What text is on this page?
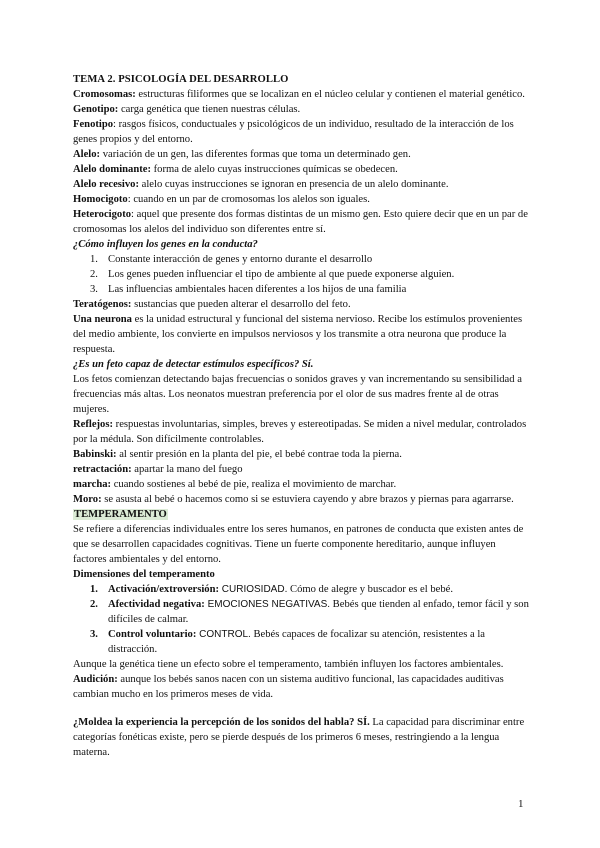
TEMA 2. PSICOLOGÍA DEL DESARROLLO

Cromosomas: estructuras filiformes que se localizan en el núcleo celular y contienen el material genético.

Genotipo: carga genética que tienen nuestras células.

Fenotipo: rasgos físicos, conductuales y psicológicos de un individuo, resultado de la interacción de los genes propios y del entorno.

Alelo: variación de un gen, las diferentes formas que toma un determinado gen.

Alelo dominante: forma de alelo cuyas instrucciones químicas se obedecen.

Alelo recesivo: alelo cuyas instrucciones se ignoran en presencia de un alelo dominante.

Homocigoto: cuando en un par de cromosomas los alelos son iguales.

Heterocigoto: aquel que presente dos formas distintas de un mismo gen. Esto quiere decir que en un par de cromosomas los alelos del individuo son diferentes entre sí.

¿Cómo influyen los genes en la conducta?

1. Constante interacción de genes y entorno durante el desarrollo
2. Los genes pueden influenciar el tipo de ambiente al que puede exponerse alguien.
3. Las influencias ambientales hacen diferentes a los hijos de una familia

Teratógenos: sustancias que pueden alterar el desarrollo del feto.

Una neurona es la unidad estructural y funcional del sistema nervioso. Recibe los estímulos provenientes del medio ambiente, los convierte en impulsos nerviosos y los transmite a otra neurona que produce la respuesta.

¿Es un feto capaz de detectar estímulos específicos? Sí.

Los fetos comienzan detectando bajas frecuencias o sonidos graves y van incrementando su sensibilidad a frecuencias más altas. Los neonatos muestran preferencia por el olor de sus madres frente al de otras mujeres.

Reflejos: respuestas involuntarias, simples, breves y estereotipadas. Se miden a nivel medular, controlados por la médula. Son difícilmente controlables.

Babinski: al sentir presión en la planta del pie, el bebé contrae toda la pierna.

retractación: apartar la mano del fuego

marcha: cuando sostienes al bebé de pie, realiza el movimiento de marchar.

Moro: se asusta al bebé o hacemos como si se estuviera cayendo y abre brazos y piernas para agarrarse.

TEMPERAMENTO

Se refiere a diferencias individuales entre los seres humanos, en patrones de conducta que existen antes de que se desarrollen capacidades cognitivas. Tiene un fuerte componente hereditario, aunque influyen factores ambientales y del entorno.

Dimensiones del temperamento

1. Activación/extroversión: CURIOSIDAD. Cómo de alegre y buscador es el bebé.
2. Afectividad negativa: EMOCIONES NEGATIVAS. Bebés que tienden al enfado, temor fácil y son difíciles de calmar.
3. Control voluntario: CONTROL. Bebés capaces de focalizar su atención, resistentes a la distracción.

Aunque la genética tiene un efecto sobre el temperamento, también influyen los factores ambientales.

Audición: aunque los bebés sanos nacen con un sistema auditivo funcional, las capacidades auditivas cambian mucho en los primeros meses de vida.

¿Moldea la experiencia la percepción de los sonidos del habla? SÍ. La capacidad para discriminar entre categorías fonéticas existe, pero se pierde después de los primeros 6 meses, restringiendo a la lengua materna.

1
